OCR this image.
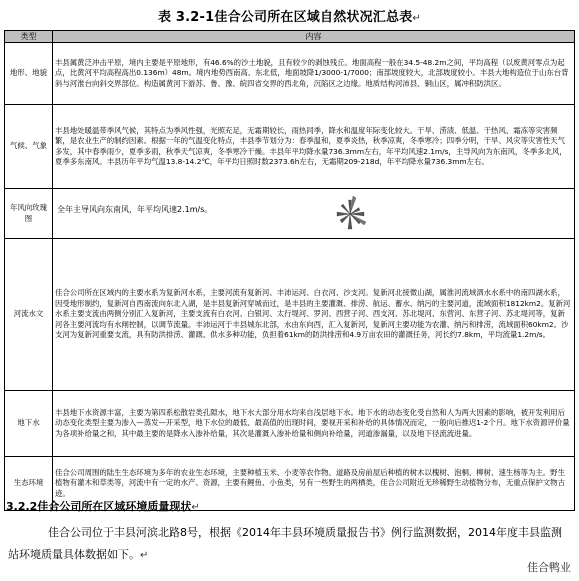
表 3.2-1佳合公司所在区域自然状况汇总表↵
类型	内容
地形、地貌	丰县属黄泛冲击平原，境内主要是平原地形，有46.6%的沙土地貌，且有较少的剥蚀残丘。地面高程一般在34.5-48.2m之间，平均高程（以废黄河零点为起点，比黄河平均高程高出0.136m）48m。境内地势西南高、东北低，地面坡降1/3000-1/7000；南部坡度较大，北部坡度较小。丰县大地构造位于山东台背斜与河淮台向斜交界部位。构造属黄河下游苏、鲁、豫、皖四省交界的西北角，沉陷区之边缘。地质结构河沛县、铜山区，属冲积防洪区。
气候、气象	丰县地处暖温带季风气候，其特点为季风性强，光照充足，无霜期较长，雨热同季，降水和温度年际变化较大。干旱、涝渍、低温、干热风、霜冻等灾害频繁，是农业生产的制约因素。根据一年的气温变化特点，丰县季节划分为：春季温和，夏季炎热，秋季凉爽，冬季寒冷；四季分明，干旱、风灾等灾害性天气多发，其中春季雨少，夏季多雨，秋季天气凉爽，冬季寒冷干燥。丰县年平均降水量736.3mm左右，年平均风速2.1m/s，主导风向为东南风，冬季多北风，夏季多东南风。丰县历年平均气温13.8-14.2℃，年平均日照时数2373.6h左右，无霜期209-218d，年平均降水量736.3mm左右。
年风向玫瑰图	全年主导风向东南风，年平均风速2.1m/s。

河流水文	佳合公司所在区域内的主要水系为复新河水系，主要河流有复新河、丰沛运河、白衣河、沙支河。复新河北接微山湖，属淮河流域泗水水系中的南四湖水系，因受地形制约，复新河自西南流向东北入湖，是丰县复新河穿城而过，是丰县的主要灌溉、排涝、航运、蓄水、纳污的主要河道，流域面积1812km2。复新河水系主要支流由两侧分别汇入复新河，主要支流有白衣河、白银河、太行堤河、罗河、西营子河、西支河、苏北堤河、东营河、东营子河、苏北堤河等，复新河各主要河流均有水闸控制，以调节流量。丰沛运河于丰县城东北部，水由东向西，汇入复新河，复新河主要功能为农灌、纳污和排涝，流域面积60km2。沙支河为复新河重要支流，具有防洪排涝、灌溉、供水多种功能，负担着61km的防洪排涝和4.9万亩农田的灌溉任务，河长约7.8km，平均流量1.2m/s。
地下水	丰县地下水资源丰富，主要为第四系松散岩类孔隙水，地下水大部分用水均来自浅层地下水。地下水的动态变化受自然和人为两大因素的影响，被开发利用后动态变化类型主要为渗入—蒸发—开采型，地下水位的最低、最高值的出现时间，要视开采和补给的具体情况而定，一般向后推迟1-2个月。地下水资源评价量为各项补给量之和，其中最主要的是降水入渗补给量，其次是灌溉入渗补给量和侧向补给量，河道渗漏量，以及地下径流流进量。
生态环境	佳合公司周围的陆生生态环境为多年的农业生态环境，主要种植玉米、小麦等农作物。道路及房前屋后种植的树木以槐树、泡桐、柳树、速生杨等为主。野生植物有灌木和草类等，河流中有一定的水产、资源，主要有鲤鱼、小鱼类，另有一些野生的两栖类，佳合公司附近无珍稀野生动植物分布，无重点保护文物古迹。
3.2.2佳合公司所在区域环境质量现状↵
佳合公司位于丰县河滨北路8号，根据《2014年丰县环境质量报告书》例行监测数据，2014年度丰县监测站环境质量具体数据如下。↵
佳合鸭业
